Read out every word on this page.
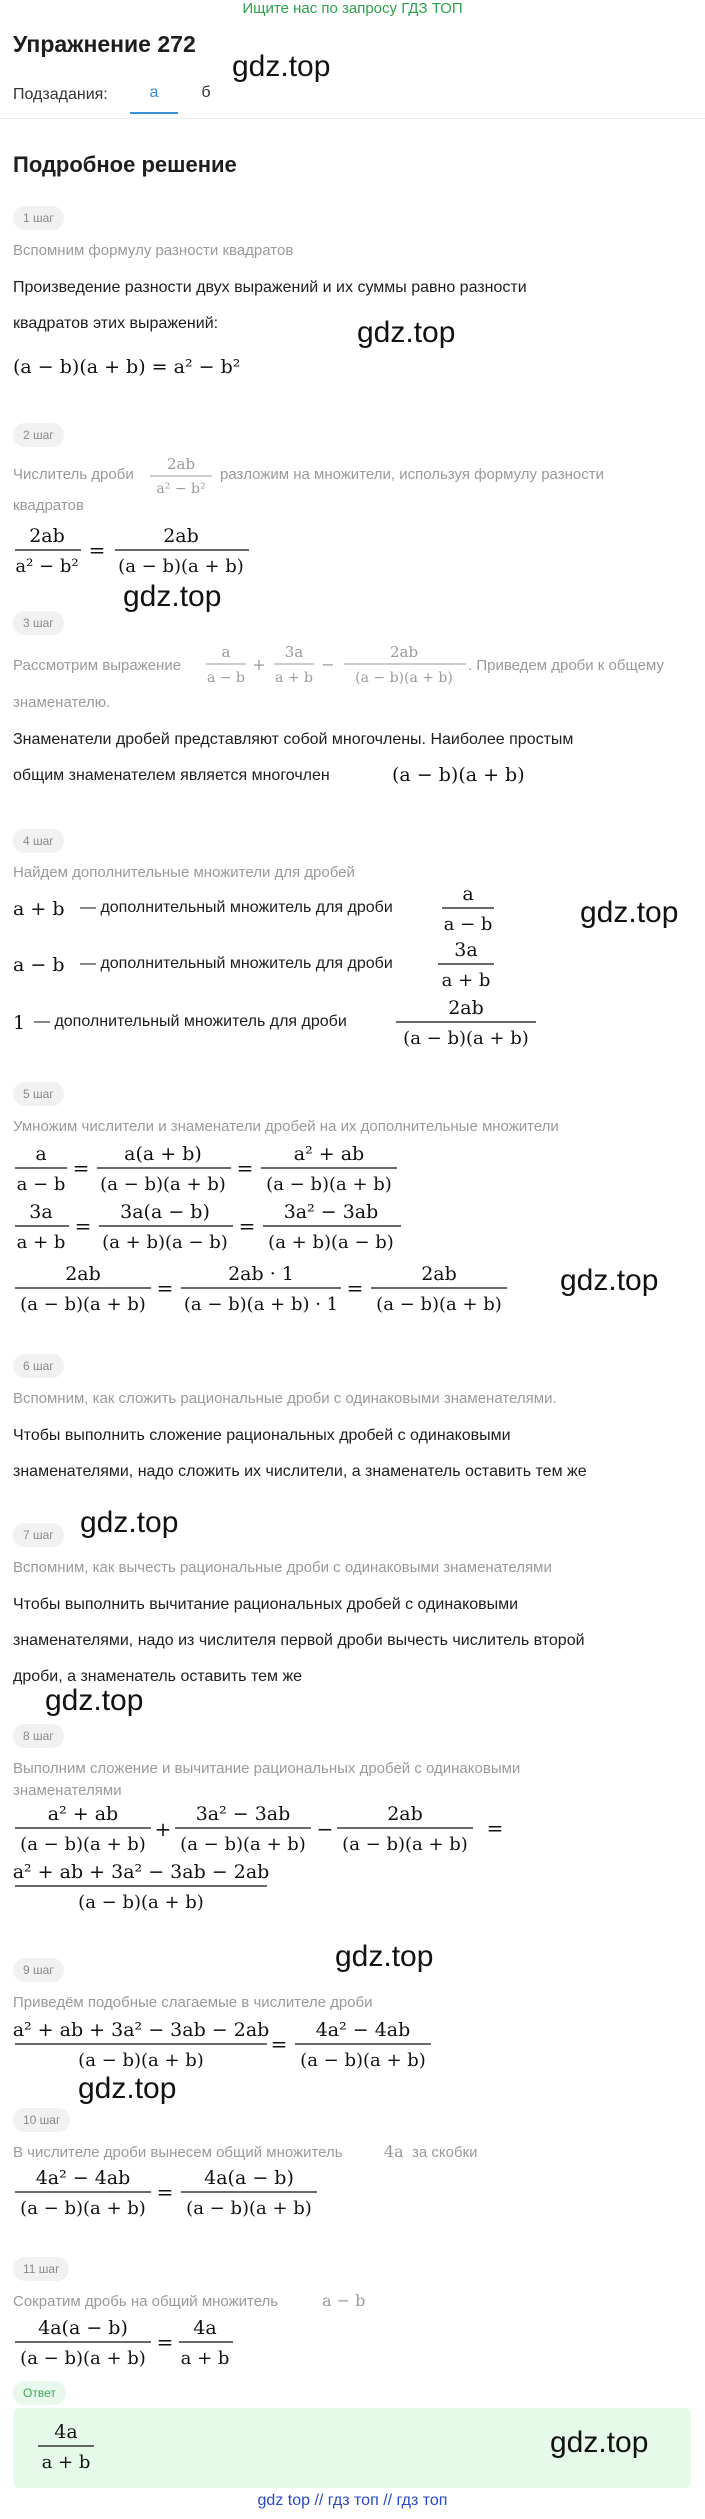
Ищите нас по запросу ГДЗ ТОП
Упражнение 272
gdz.top
Подзадания:	а	б
Подробное решение
1 шаг
Вспомним формулу разности квадратов
Произведение разности двух выражений и их суммы равно разности
квадратов этих выражений:	gdz.top
(a − b)(a + b) = a² − b²
2 шаг
Числитель дроби
2ab
a² − b²
разложим на множители, используя формулу разности
квадратов
2ab
a² − b²
=
2ab
(a − b)(a + b)
gdz.top
3 шаг
Рассмотрим выражение
a
a − b
+
3a
a + b
−
2ab
(a − b)(a + b)
. Приведем дроби к общему
знаменателю.
Знаменатели дробей представляют собой многочлены. Наиболее простым
общим знаменателем является многочлен	(a − b)(a + b)
4 шаг
Найдем дополнительные множители для дробей
a + b — дополнительный множитель для дроби
a
a − b	gdz.top
a − b — дополнительный множитель для дроби
3a
a + b
1 — дополнительный множитель для дроби
2ab
(a − b)(a + b)
5 шаг
Умножим числители и знаменатели дробей на их дополнительные множители
a
a − b
=
a(a + b)
(a − b)(a + b)
=
a² + ab
(a − b)(a + b)
3a
a + b
=
3a(a − b)
(a + b)(a − b)
=
3a² − 3ab
(a + b)(a − b)
2ab
(a − b)(a + b)
=
2ab · 1
(a − b)(a + b) · 1
=
2ab
(a − b)(a + b)
gdz.top
6 шаг
Вспомним, как сложить рациональные дроби с одинаковыми знаменателями.
Чтобы выполнить сложение рациональных дробей с одинаковыми
знаменателями, надо сложить их числители, а знаменатель оставить тем же
7 шаг gdz.top
Вспомним, как вычесть рациональные дроби с одинаковыми знаменателями
Чтобы выполнить вычитание рациональных дробей с одинаковыми
знаменателями, надо из числителя первой дроби вычесть числитель второй
дроби, а знаменатель оставить тем же
gdz.top
8 шаг
Выполним сложение и вычитание рациональных дробей с одинаковыми
знаменателями
a² + ab
(a − b)(a + b)
+
3a² − 3ab
(a − b)(a + b)
−
2ab
(a − b)(a + b)
=
a² + ab + 3a² − 3ab − 2ab
(a − b)(a + b)
gdz.top
9 шаг
Приведём подобные слагаемые в числителе дроби
a² + ab + 3a² − 3ab − 2ab
(a − b)(a + b)
=
4a² − 4ab
(a − b)(a + b)
gdz.top
10 шаг
В числителе дроби вынесем общий множитель	4a за скобки
4a² − 4ab
(a − b)(a + b)
=
4a(a − b)
(a − b)(a + b)
11 шаг
Сократим дробь на общий множитель	a − b
4a(a − b)
(a − b)(a + b)
=
4a
a + b
Ответ
4a
a + b
gdz.top
gdz top // гдз топ // гдз топ
